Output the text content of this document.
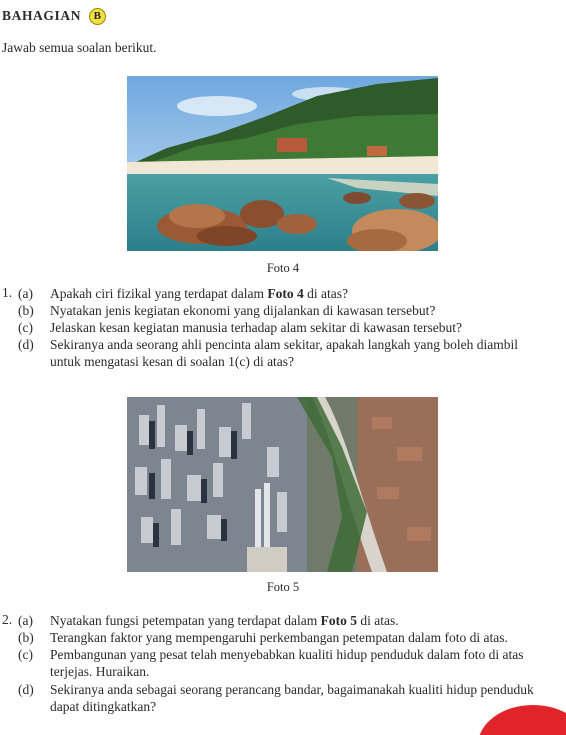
BAHAGIAN B
Jawab semua soalan berikut.
Foto 4
1. (a) Apakah ciri fizikal yang terdapat dalam Foto 4 di atas?
(b) Nyatakan jenis kegiatan ekonomi yang dijalankan di kawasan tersebut?
(c) Jelaskan kesan kegiatan manusia terhadap alam sekitar di kawasan tersebut?
(d) Sekiranya anda seorang ahli pencinta alam sekitar, apakah langkah yang boleh diambil
untuk mengatasi kesan di soalan 1(c) di atas?
Foto 5
2. (a) Nyatakan fungsi petempatan yang terdapat dalam Foto 5 di atas.
(b) Terangkan faktor yang mempengaruhi perkembangan petempatan dalam foto di atas.
(c) Pembangunan yang pesat telah menyebabkan kualiti hidup penduduk dalam foto di atas
terjejas. Huraikan.
(d) Sekiranya anda sebagai seorang perancang bandar, bagaimanakah kualiti hidup penduduk
dapat ditingkatkan?
